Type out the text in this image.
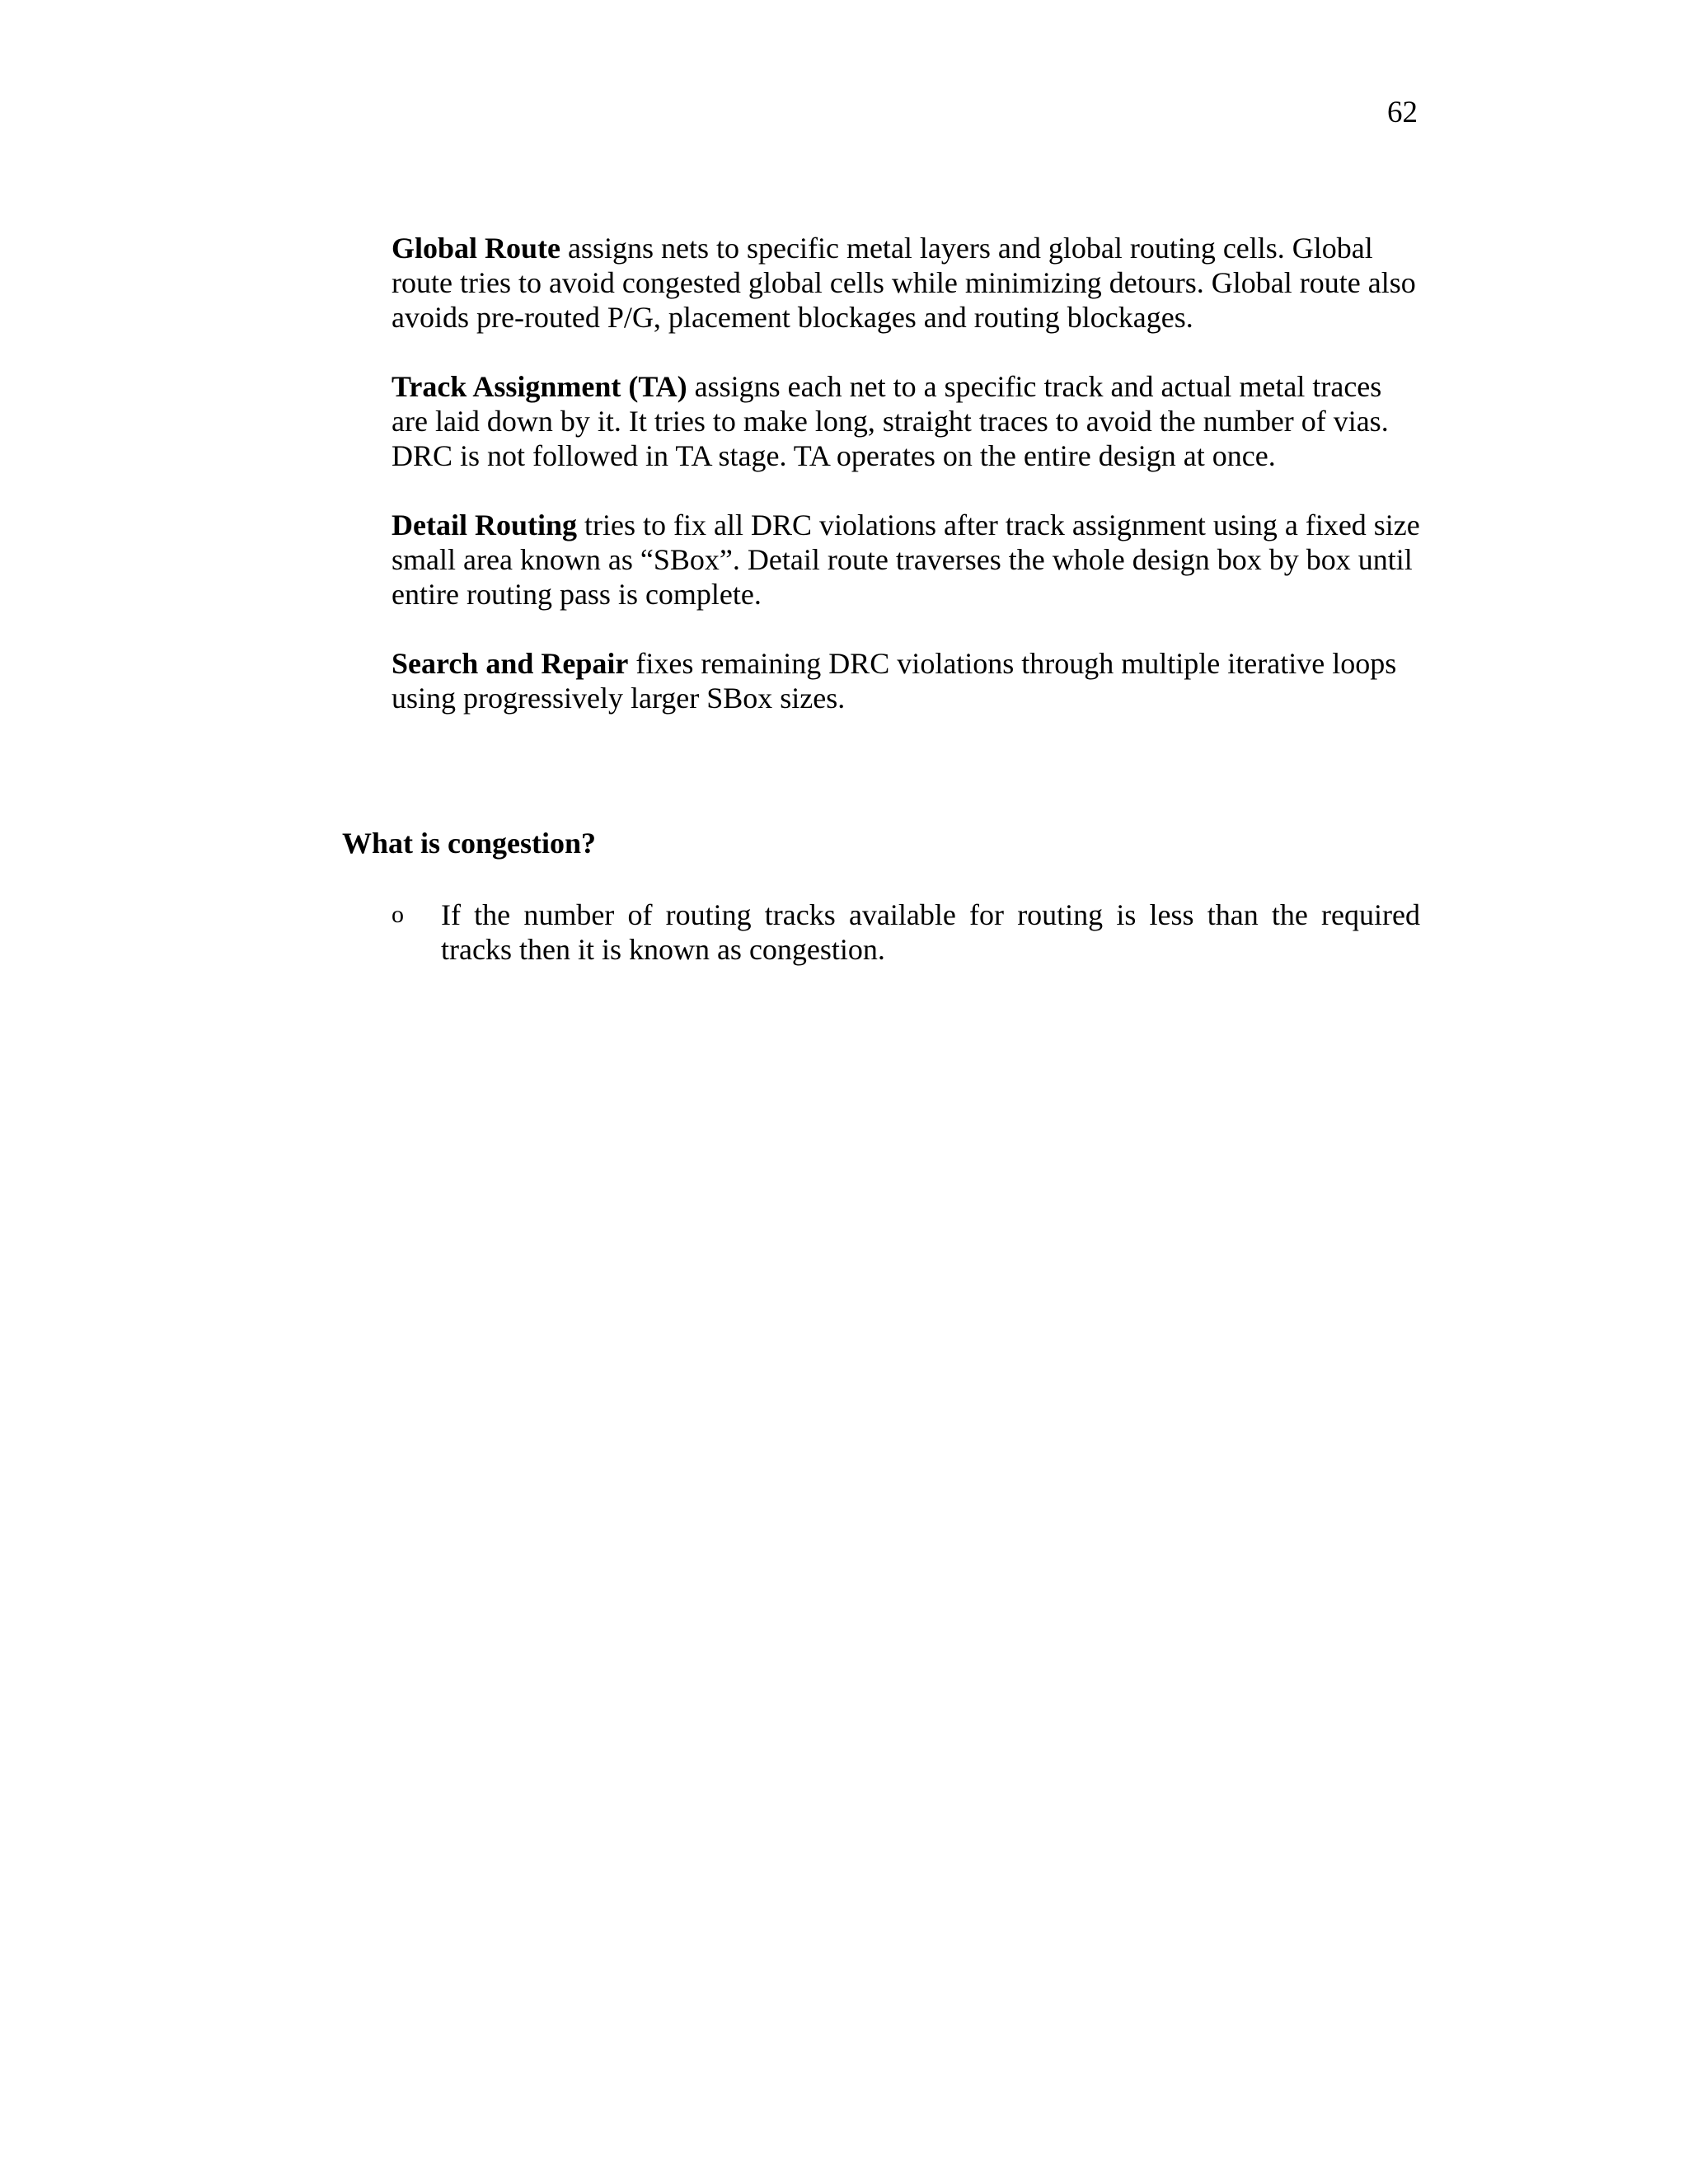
62

Global Route assigns nets to specific metal layers and global routing cells. Global route tries to avoid congested global cells while minimizing detours. Global route also avoids pre-routed P/G, placement blockages and routing blockages.

Track Assignment (TA) assigns each net to a specific track and actual metal traces are laid down by it. It tries to make long, straight traces to avoid the number of vias. DRC is not followed in TA stage. TA operates on the entire design at once.

Detail Routing tries to fix all DRC violations after track assignment using a fixed size small area known as “SBox”. Detail route traverses the whole design box by box until entire routing pass is complete.

Search and Repair fixes remaining DRC violations through multiple iterative loops using progressively larger SBox sizes.

What is congestion?
o If the number of routing tracks available for routing is less than the required tracks then it is known as congestion.
